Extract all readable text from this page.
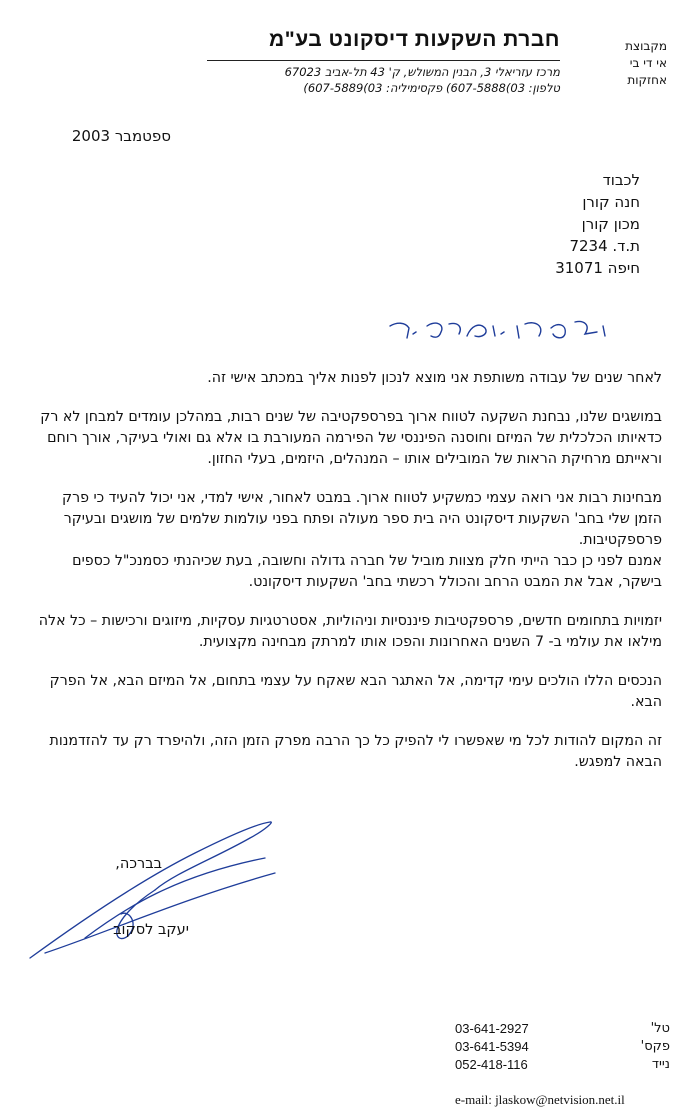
חברת השקעות דיסקונט בע"מ	מקבוצת
אי די בי
אחזקות
מרכז עזריאלי 3, הבנין המשולש, ק' 43 תל-אביב 67023
טלפון: 03)607-5888) פקסימיליה: 03)607-5889)
ספטמבר 2003
לכבוד
חנה קורן
מכון קורן
ת.ד. 7234
חיפה 31071

לאחר שנים של עבודה משותפת אני מוצא לנכון לפנות אליך במכתב אישי זה.

במושגים שלנו, נבחנת השקעה לטווח ארוך בפרספקטיבה של שנים רבות, במהלכן עומדים למבחן לא רק כדאיותו הכלכלית של המיזם וחוסנה הפיננסי של הפירמה המעורבת בו אלא גם ואולי בעיקר, אורך רוחם וראייתם מרחיקת הראות של המובילים אותו – המנהלים, היזמים, בעלי החזון.

מבחינות רבות אני רואה עצמי כמשקיע לטווח ארוך. במבט לאחור, אישי למדי, אני יכול להעיד כי פרק הזמן שלי בחב' השקעות דיסקונט היה בית ספר מעולה ופתח בפני עולמות שלמים של מושגים ובעיקר פרספקטיבות.

אמנם לפני כן כבר הייתי חלק מצוות מוביל של חברה גדולה וחשובה, בעת שכיהנתי כסמנכ"ל כספים בישקר, אבל את המבט הרחב והכולל רכשתי בחב' השקעות דיסקונט.

יזמויות בתחומים חדשים, פרספקטיבות פיננסיות וניהוליות, אסטרטגיות עסקיות, מיזוגים ורכישות – כל אלה מילאו את עולמי ב- 7 השנים האחרונות והפכו אותו למרתק מבחינה מקצועית.

הנכסים הללו הולכים עימי קדימה, אל האתגר הבא שאקח על עצמי בתחום, אל המיזם הבא, אל הפרק הבא.

זה המקום להודות לכל מי שאפשרו לי להפיק כל כך הרבה מפרק הזמן הזה, ולהיפרד רק עד להזדמנות הבאה למפגש.

בברכה,
יעקב לסקוב
03-641-2927	טל'
03-641-5394	פקס'
052-418-116	נייד
e-mail: jlaskow@netvision.net.il
